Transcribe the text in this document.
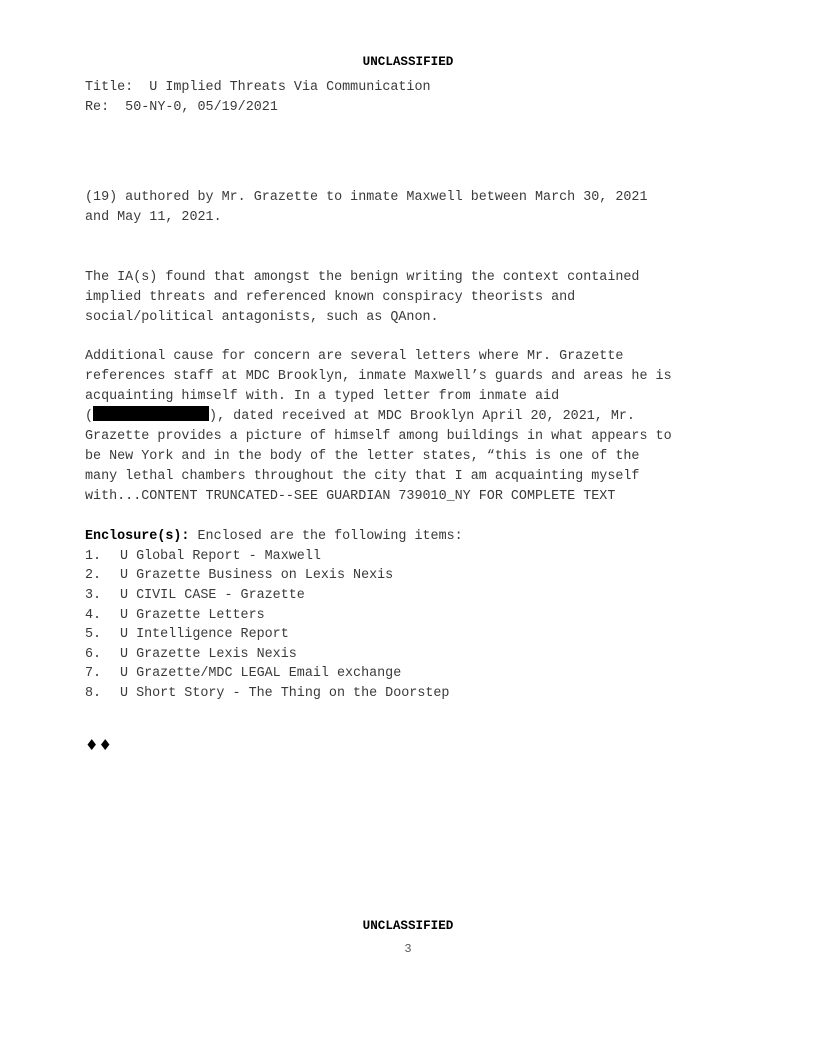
UNCLASSIFIED
Title:  U Implied Threats Via Communication
Re:  50-NY-0, 05/19/2021
(19) authored by Mr. Grazette to inmate Maxwell between March 30, 2021
and May 11, 2021.
The IA(s) found that amongst the benign writing the context contained
implied threats and referenced known conspiracy theorists and
social/political antagonists, such as QAnon.
Additional cause for concern are several letters where Mr. Grazette
references staff at MDC Brooklyn, inmate Maxwell’s guards and areas he is
acquainting himself with. In a typed letter from inmate aid
(	), dated received at MDC Brooklyn April 20, 2021, Mr.
Grazette provides a picture of himself among buildings in what appears to
be New York and in the body of the letter states, “this is one of the
many lethal chambers throughout the city that I am acquainting myself
with...CONTENT TRUNCATED--SEE GUARDIAN 739010_NY FOR COMPLETE TEXT
Enclosure(s): Enclosed are the following items:
1. U Global Report - Maxwell
2. U Grazette Business on Lexis Nexis
3. U CIVIL CASE - Grazette
4. U Grazette Letters
5. U Intelligence Report
6. U Grazette Lexis Nexis
7. U Grazette/MDC LEGAL Email exchange
8. U Short Story - The Thing on the Doorstep
♦♦
UNCLASSIFIED
3
